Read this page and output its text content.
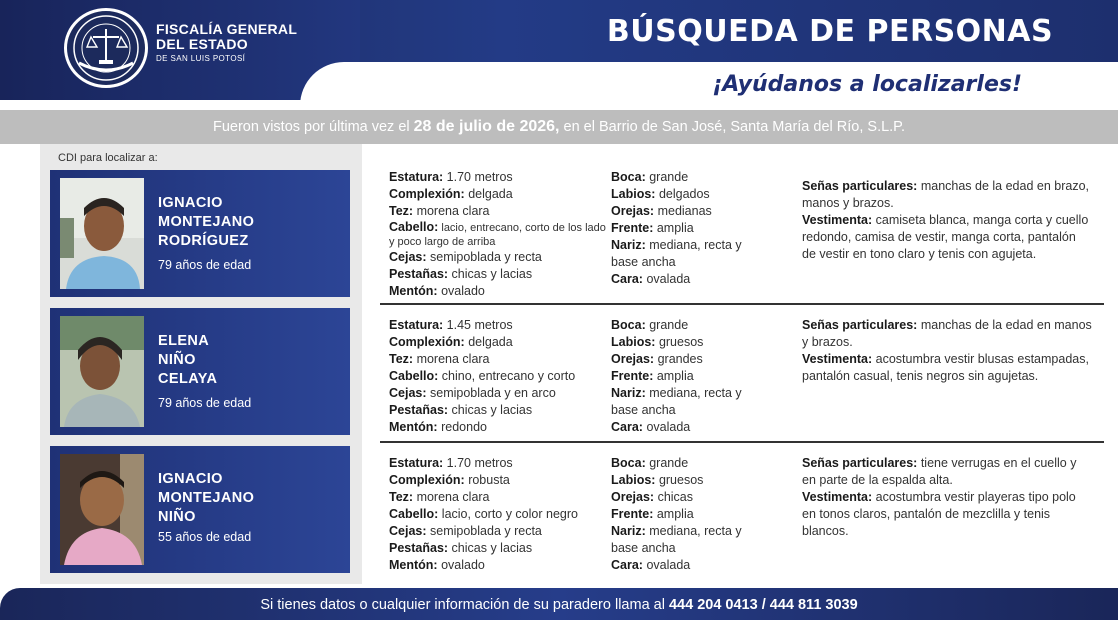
FISCALÍA GENERAL
DEL ESTADO
DE SAN LUIS POTOSÍ
BÚSQUEDA DE PERSONAS
¡Ayúdanos a localizarles!
Fueron vistos por última vez el 28 de julio de 2026, en el Barrio de San José, Santa María del Río, S.L.P.
CDI para localizar a:
IGNACIO
MONTEJANO
RODRÍGUEZ
79 años de edad
ELENA
NIÑO
CELAYA
79 años de edad
IGNACIO
MONTEJANO
NIÑO
55 años de edad

Estatura: 1.70 metros

Complexión: delgada

Tez: morena clara

Cabello: lacio, entrecano, corto de los lado y poco largo de arriba

Cejas: semipoblada y recta

Pestañas: chicas y lacias

Mentón: ovalado

Boca: grande

Labios: delgados

Orejas: medianas

Frente: amplia

Nariz: mediana, recta y base ancha

Cara: ovalada

Señas particulares: manchas de la edad en brazo, manos y brazos.

Vestimenta: camiseta blanca, manga corta y cuello redondo, camisa de vestir, manga corta, pantalón de vestir en tono claro y tenis con agujeta.

Estatura: 1.45 metros

Complexión: delgada

Tez: morena clara

Cabello: chino, entrecano y corto

Cejas: semipoblada y en arco

Pestañas: chicas y lacias

Mentón: redondo

Boca: grande

Labios: gruesos

Orejas: grandes

Frente: amplia

Nariz: mediana, recta y base ancha

Cara: ovalada

Señas particulares: manchas de la edad en manos y brazos.

Vestimenta: acostumbra vestir blusas estampadas, pantalón casual, tenis negros sin agujetas.

Estatura: 1.70 metros

Complexión: robusta

Tez: morena clara

Cabello: lacio, corto y color negro

Cejas: semipoblada y recta

Pestañas: chicas y lacias

Mentón: ovalado

Boca: grande

Labios: gruesos

Orejas: chicas

Frente: amplia

Nariz: mediana, recta y base ancha

Cara: ovalada

Señas particulares: tiene verrugas en el cuello y en parte de la espalda alta.

Vestimenta: acostumbra vestir playeras tipo polo en tonos claros, pantalón de mezclilla y tenis blancos.

Si tienes datos o cualquier información de su paradero llama al 444 204 0413 / 444 811 3039
